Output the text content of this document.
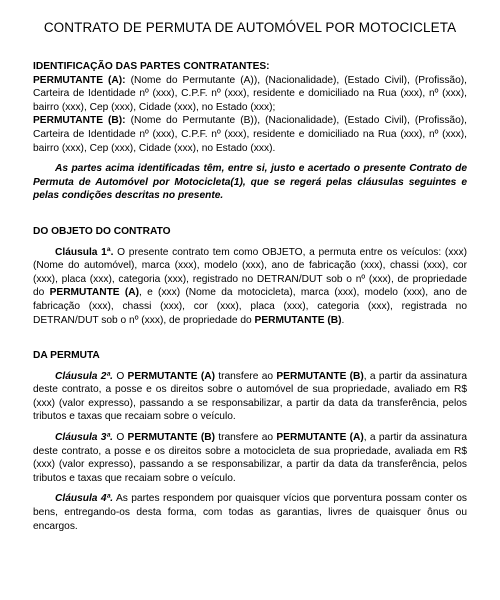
CONTRATO DE PERMUTA DE AUTOMÓVEL POR MOTOCICLETA

IDENTIFICAÇÃO DAS PARTES CONTRATANTES:

PERMUTANTE (A): (Nome do Permutante (A)), (Nacionalidade), (Estado Civil), (Profissão), Carteira de Identidade nº (xxx), C.P.F. nº (xxx), residente e domiciliado na Rua (xxx), nº (xxx), bairro (xxx), Cep (xxx), Cidade (xxx), no Estado (xxx);

PERMUTANTE (B): (Nome do Permutante (B)), (Nacionalidade), (Estado Civil), (Profissão), Carteira de Identidade nº (xxx), C.P.F. nº (xxx), residente e domiciliado na Rua (xxx), nº (xxx), bairro (xxx), Cep (xxx), Cidade (xxx), no Estado (xxx).

As partes acima identificadas têm, entre si, justo e acertado o presente Contrato de Permuta de Automóvel por Motocicleta(1), que se regerá pelas cláusulas seguintes e pelas condições descritas no presente.

DO OBJETO DO CONTRATO

Cláusula 1ª. O presente contrato tem como OBJETO, a permuta entre os veículos: (xxx) (Nome do automóvel), marca (xxx), modelo (xxx), ano de fabricação (xxx), chassi (xxx), cor (xxx), placa (xxx), categoria (xxx), registrado no DETRAN/DUT sob o nº (xxx), de propriedade do PERMUTANTE (A), e (xxx) (Nome da motocicleta), marca (xxx), modelo (xxx), ano de fabricação (xxx), chassi (xxx), cor (xxx), placa (xxx), categoria (xxx), registrada no DETRAN/DUT sob o nº (xxx), de propriedade do PERMUTANTE (B).

DA PERMUTA

Cláusula 2ª. O PERMUTANTE (A) transfere ao PERMUTANTE (B), a partir da assinatura deste contrato, a posse e os direitos sobre o automóvel de sua propriedade, avaliado em R$ (xxx) (valor expresso), passando a se responsabilizar, a partir da data da transferência, pelos tributos e taxas que recaiam sobre o veículo.

Cláusula 3ª. O PERMUTANTE (B) transfere ao PERMUTANTE (A), a partir da assinatura deste contrato, a posse e os direitos sobre a motocicleta de sua propriedade, avaliada em R$ (xxx) (valor expresso), passando a se responsabilizar, a partir da data da transferência, pelos tributos e taxas que recaiam sobre o veículo.

Cláusula 4ª. As partes respondem por quaisquer vícios que porventura possam conter os bens, entregando-os desta forma, com todas as garantias, livres de quaisquer ônus ou encargos.
